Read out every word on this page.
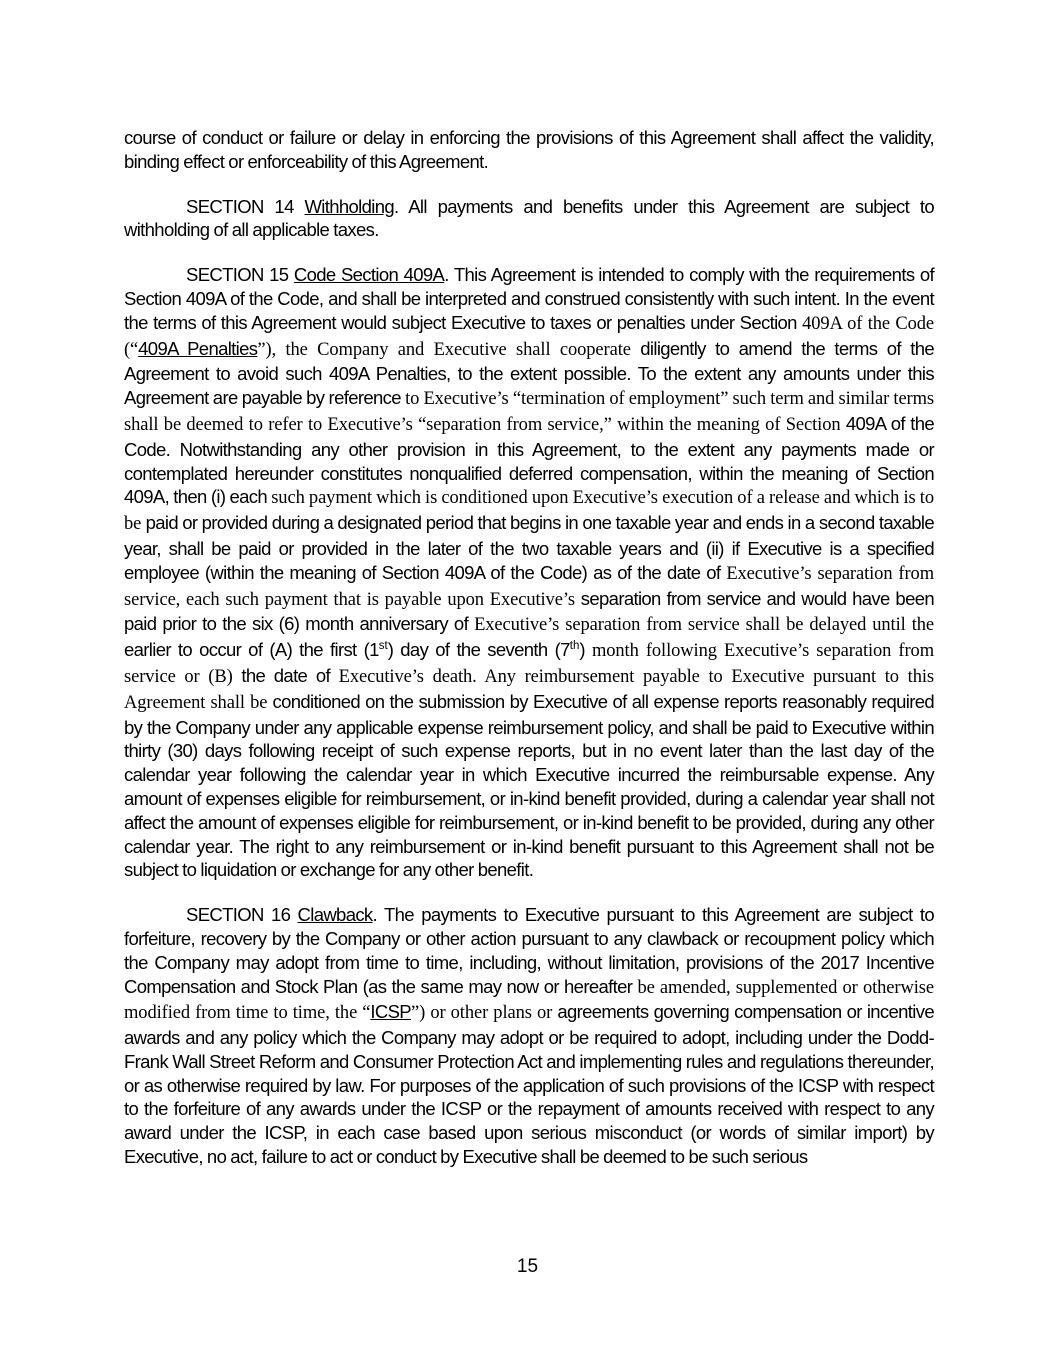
course of conduct or failure or delay in enforcing the provisions of this Agreement shall affect the validity, binding effect or enforceability of this Agreement.

SECTION 14 Withholding. All payments and benefits under this Agreement are subject to withholding of all applicable taxes.

SECTION 15 Code Section 409A. This Agreement is intended to comply with the requirements of Section 409A of the Code, and shall be interpreted and construed consistently with such intent. In the event the terms of this Agreement would subject Executive to taxes or penalties under Section 409A of the Code (“409A Penalties”), the Company and Executive shall cooperate diligently to amend the terms of the Agreement to avoid such 409A Penalties, to the extent possible. To the extent any amounts under this Agreement are payable by reference to Executive’s “termination of employment” such term and similar terms shall be deemed to refer to Executive’s “separation from service,” within the meaning of Section 409A of the Code. Notwithstanding any other provision in this Agreement, to the extent any payments made or contemplated hereunder constitutes nonqualified deferred compensation, within the meaning of Section 409A, then (i) each such payment which is conditioned upon Executive’s execution of a release and which is to be paid or provided during a designated period that begins in one taxable year and ends in a second taxable year, shall be paid or provided in the later of the two taxable years and (ii) if Executive is a specified employee (within the meaning of Section 409A of the Code) as of the date of Executive’s separation from service, each such payment that is payable upon Executive’s separation from service and would have been paid prior to the six (6) month anniversary of Executive’s separation from service shall be delayed until the earlier to occur of (A) the first (1st) day of the seventh (7th) month following Executive’s separation from service or (B) the date of Executive’s death. Any reimbursement payable to Executive pursuant to this Agreement shall be conditioned on the submission by Executive of all expense reports reasonably required by the Company under any applicable expense reimbursement policy, and shall be paid to Executive within thirty (30) days following receipt of such expense reports, but in no event later than the last day of the calendar year following the calendar year in which Executive incurred the reimbursable expense. Any amount of expenses eligible for reimbursement, or in-kind benefit provided, during a calendar year shall not affect the amount of expenses eligible for reimbursement, or in-kind benefit to be provided, during any other calendar year. The right to any reimbursement or in-kind benefit pursuant to this Agreement shall not be subject to liquidation or exchange for any other benefit.

SECTION 16 Clawback. The payments to Executive pursuant to this Agreement are subject to forfeiture, recovery by the Company or other action pursuant to any clawback or recoupment policy which the Company may adopt from time to time, including, without limitation, provisions of the 2017 Incentive Compensation and Stock Plan (as the same may now or hereafter be amended, supplemented or otherwise modified from time to time, the “ICSP”) or other plans or agreements governing compensation or incentive awards and any policy which the Company may adopt or be required to adopt, including under the Dodd-Frank Wall Street Reform and Consumer Protection Act and implementing rules and regulations thereunder, or as otherwise required by law. For purposes of the application of such provisions of the ICSP with respect to the forfeiture of any awards under the ICSP or the repayment of amounts received with respect to any award under the ICSP, in each case based upon serious misconduct (or words of similar import) by Executive, no act, failure to act or conduct by Executive shall be deemed to be such serious

15
